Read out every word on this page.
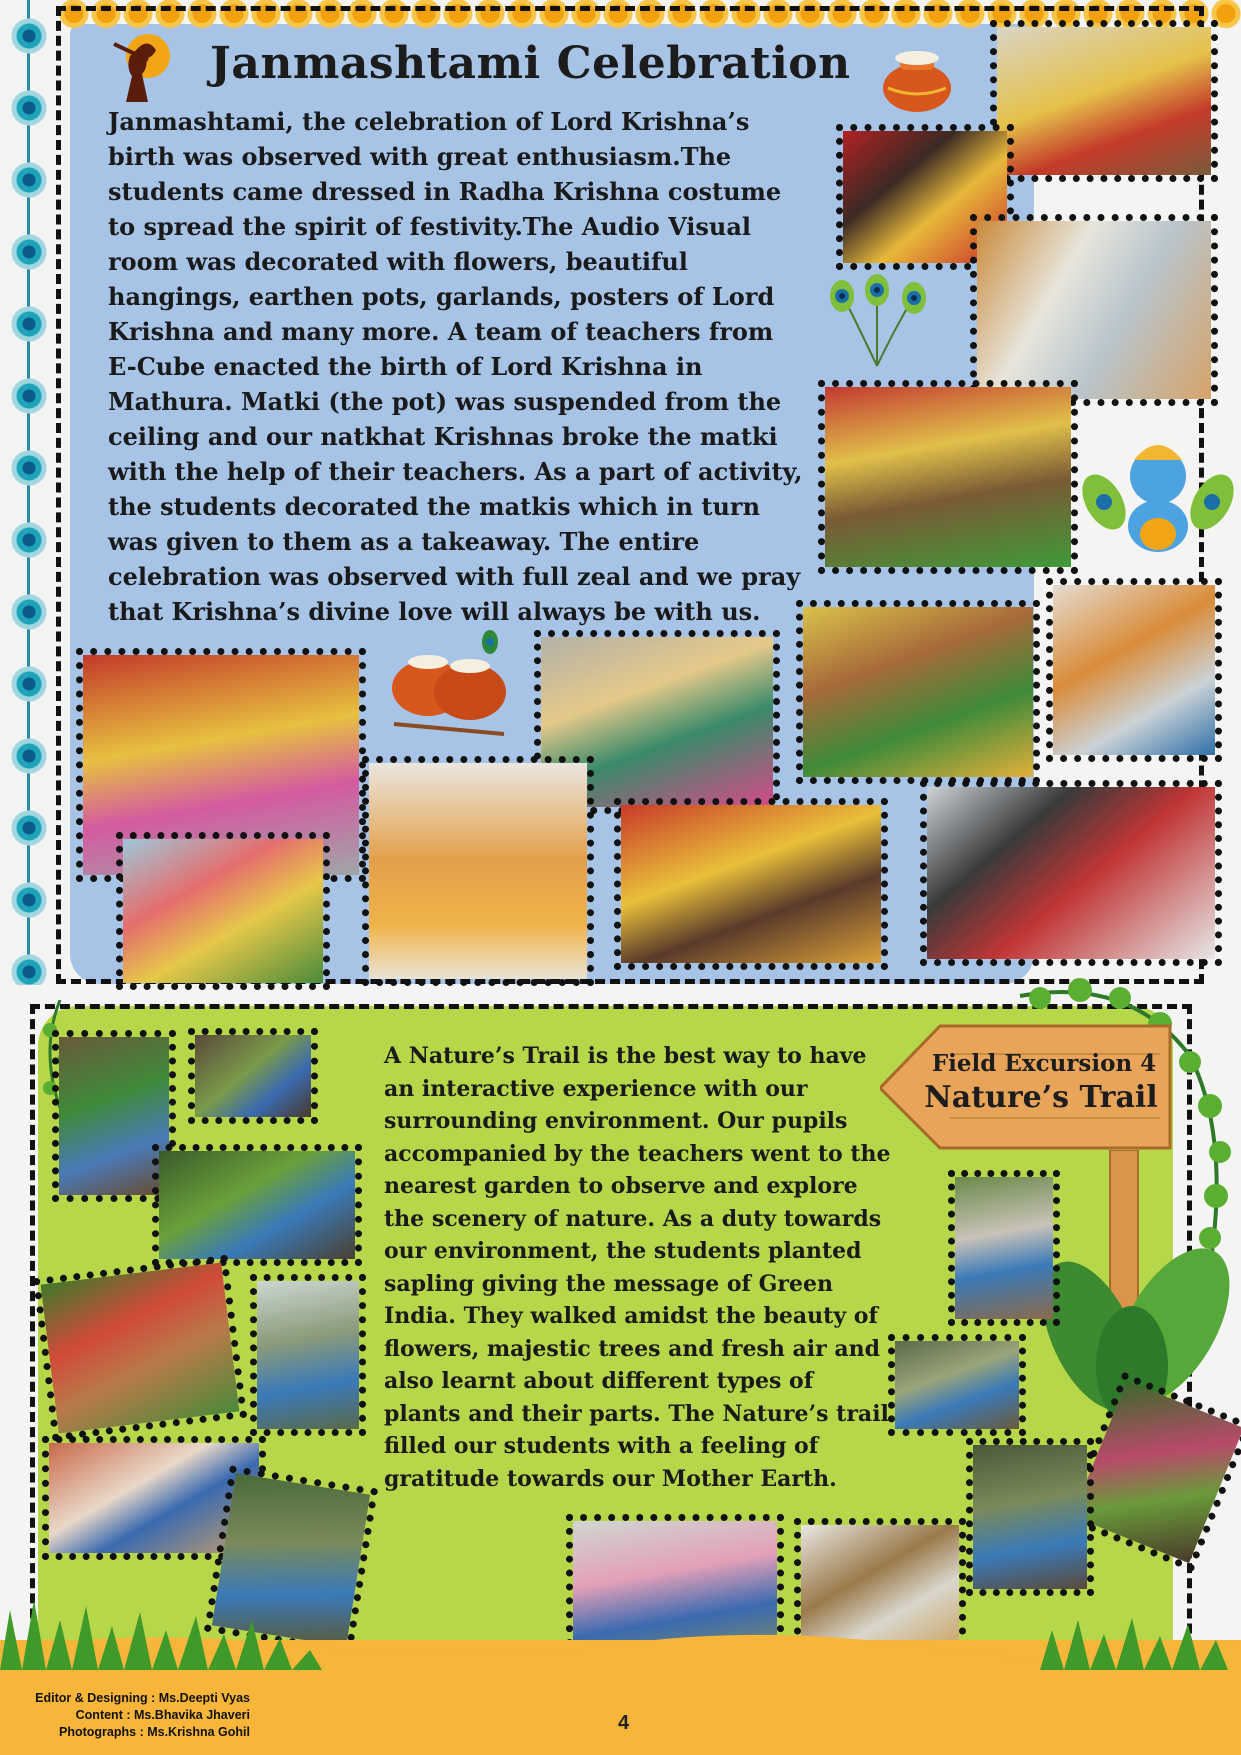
Janmashtami Celebration

Janmashtami, the celebration of Lord Krishna’s birth was observed with great enthusiasm.The students came dressed in Radha Krishna costume to spread the spirit of festivity.The Audio Visual room was decorated with flowers, beautiful hangings, earthen pots, garlands, posters of Lord Krishna and many more. A team of teachers from E-Cube enacted the birth of Lord Krishna in Mathura. Matki (the pot) was suspended from the ceiling and our natkhat Krishnas broke the matki with the help of their teachers. As a part of activity, the students decorated the matkis which in turn was given to them as a takeaway. The entire celebration was observed with full zeal and we pray that Krishna’s divine love will always be with us.

Field Excursion 4

Nature’s Trail

A Nature’s Trail is the best way to have an interactive experience with our surrounding environment. Our pupils accompanied by the teachers went to the nearest garden to observe and explore the scenery of nature. As a duty towards our environment, the students planted sapling giving the message of Green India. They walked amidst the beauty of flowers, majestic trees and fresh air and also learnt about different types of plants and their parts. The Nature’s trail filled our students with a feeling of gratitude towards our Mother Earth.

Editor & Designing : Ms.Deepti Vyas
Content : Ms.Bhavika Jhaveri
Photographs : Ms.Krishna Gohil	4
